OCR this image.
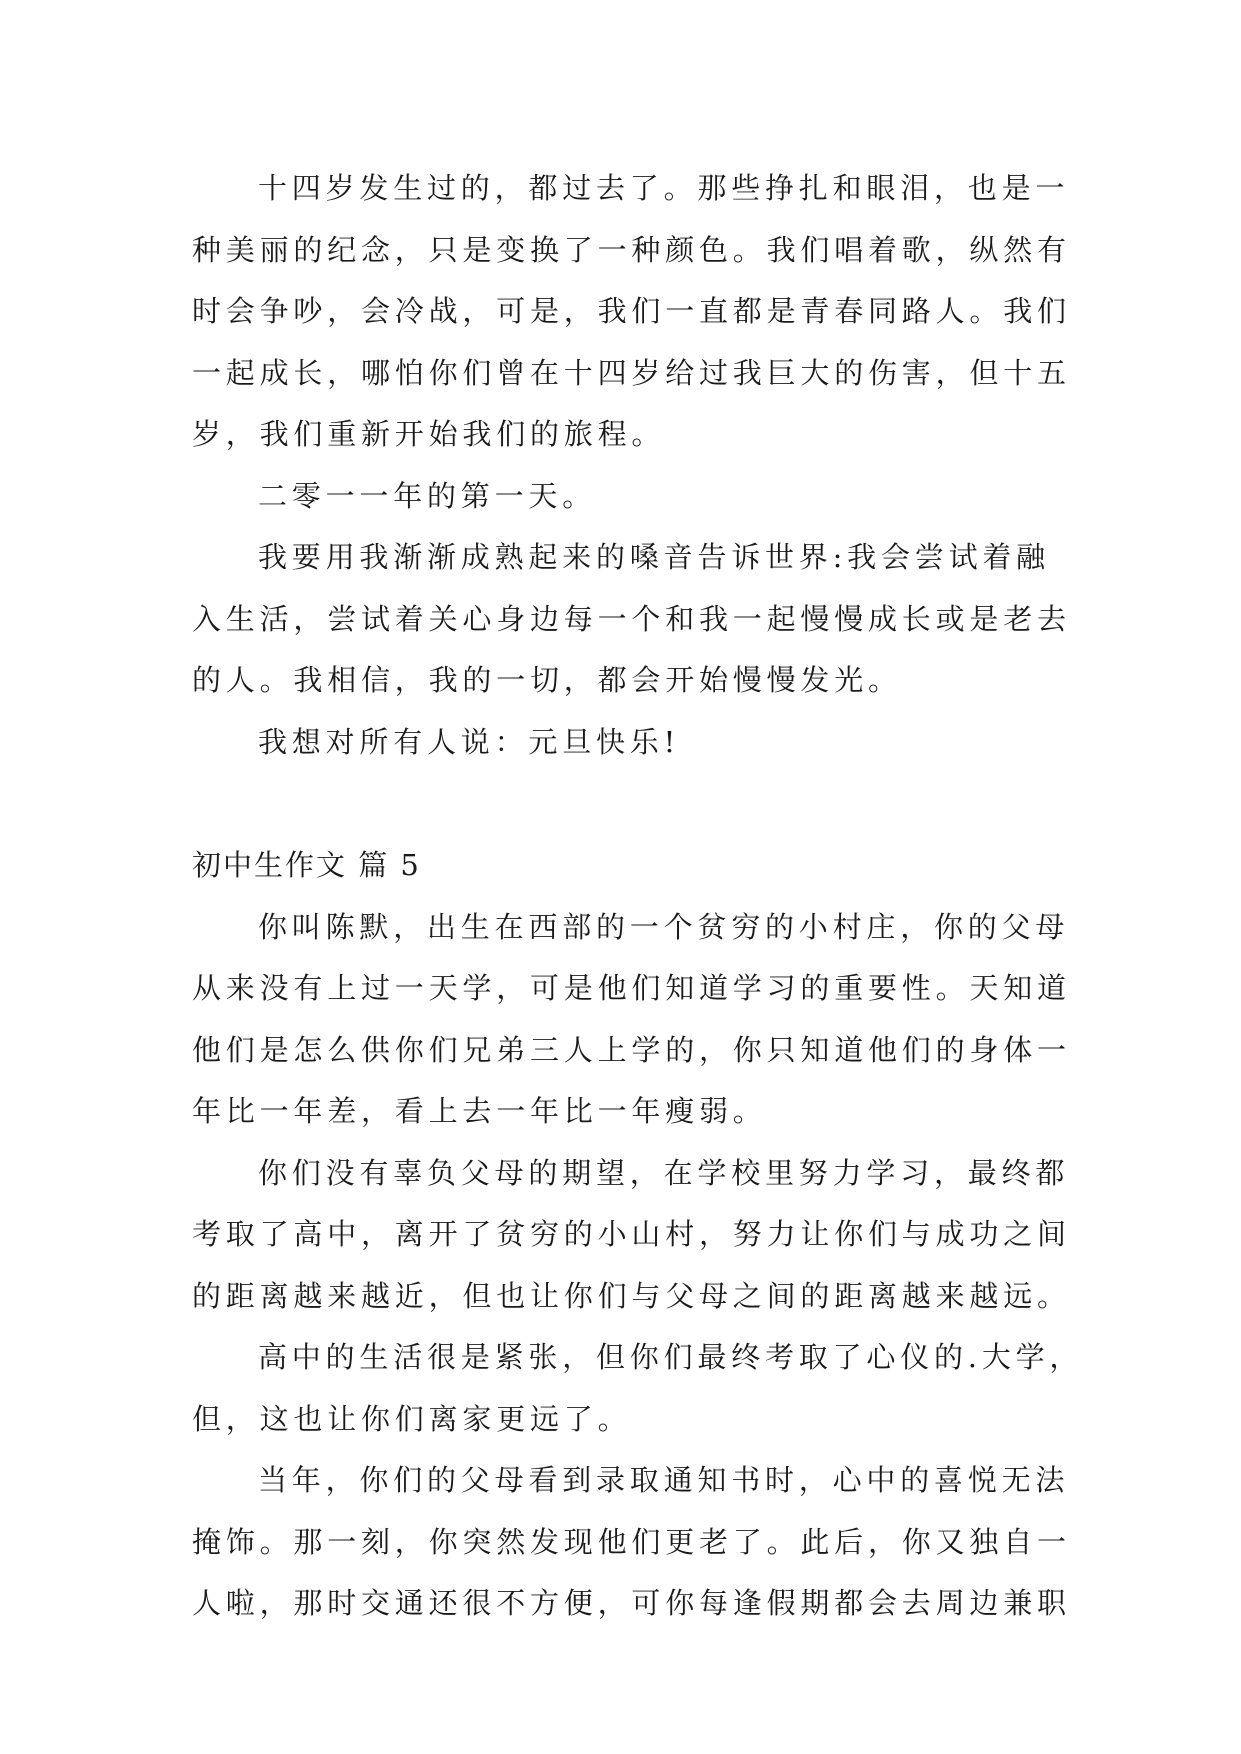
十四岁发生过的，都过去了。那些挣扎和眼泪，也是一
种美丽的纪念，只是变换了一种颜色。我们唱着歌，纵然有
时会争吵，会冷战，可是，我们一直都是青春同路人。我们
一起成长，哪怕你们曾在十四岁给过我巨大的伤害，但十五
岁，我们重新开始我们的旅程。
二零一一年的第一天。
我要用我渐渐成熟起来的嗓音告诉世界:我会尝试着融
入生活，尝试着关心身边每一个和我一起慢慢成长或是老去
的人。我相信，我的一切，都会开始慢慢发光。
我想对所有人说：元旦快乐!
初中生作文 篇 5
你叫陈默，出生在西部的一个贫穷的小村庄，你的父母
从来没有上过一天学，可是他们知道学习的重要性。天知道
他们是怎么供你们兄弟三人上学的，你只知道他们的身体一
年比一年差，看上去一年比一年瘦弱。
你们没有辜负父母的期望，在学校里努力学习，最终都
考取了高中，离开了贫穷的小山村，努力让你们与成功之间
的距离越来越近，但也让你们与父母之间的距离越来越远。
高中的生活很是紧张，但你们最终考取了心仪的.大学，
但，这也让你们离家更远了。
当年，你们的父母看到录取通知书时，心中的喜悦无法
掩饰。那一刻，你突然发现他们更老了。此后，你又独自一
人啦，那时交通还很不方便，可你每逢假期都会去周边兼职
